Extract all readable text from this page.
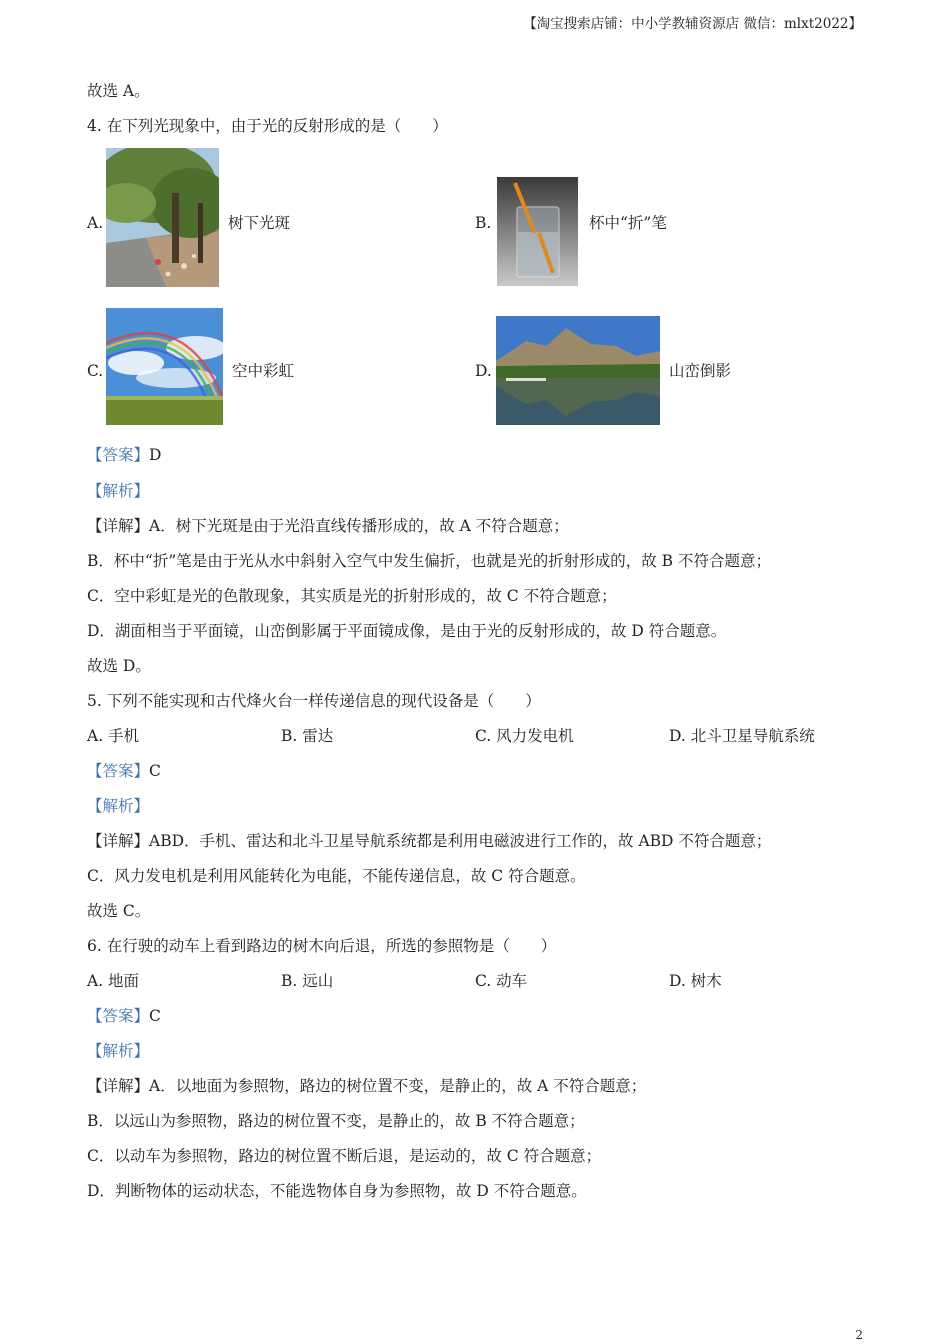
【淘宝搜索店铺：中小学教辅资源店 微信：mlxt2022】
故选 A。
4. 在下列光现象中，由于光的反射形成的是（　　）
A.	树下光斑	B.	杯中“折”笔
C.	空中彩虹	D.	山峦倒影
【答案】D
【解析】
【详解】A．树下光斑是由于光沿直线传播形成的，故 A 不符合题意；
B．杯中“折”笔是由于光从水中斜射入空气中发生偏折，也就是光的折射形成的，故 B 不符合题意；
C．空中彩虹是光的色散现象，其实质是光的折射形成的，故 C 不符合题意；
D．湖面相当于平面镜，山峦倒影属于平面镜成像，是由于光的反射形成的，故 D 符合题意。
故选 D。
5. 下列不能实现和古代烽火台一样传递信息的现代设备是（　　）
A. 手机	B. 雷达	C. 风力发电机	D. 北斗卫星导航系统
【答案】C
【解析】
【详解】ABD．手机、雷达和北斗卫星导航系统都是利用电磁波进行工作的，故 ABD 不符合题意；
C．风力发电机是利用风能转化为电能，不能传递信息，故 C 符合题意。
故选 C。
6. 在行驶的动车上看到路边的树木向后退，所选的参照物是（　　）
A. 地面	B. 远山	C. 动车	D. 树木
【答案】C
【解析】
【详解】A．以地面为参照物，路边的树位置不变，是静止的，故 A 不符合题意；
B．以远山为参照物，路边的树位置不变，是静止的，故 B 不符合题意；
C．以动车为参照物，路边的树位置不断后退，是运动的，故 C 符合题意；
D．判断物体的运动状态，不能选物体自身为参照物，故 D 不符合题意。
2
